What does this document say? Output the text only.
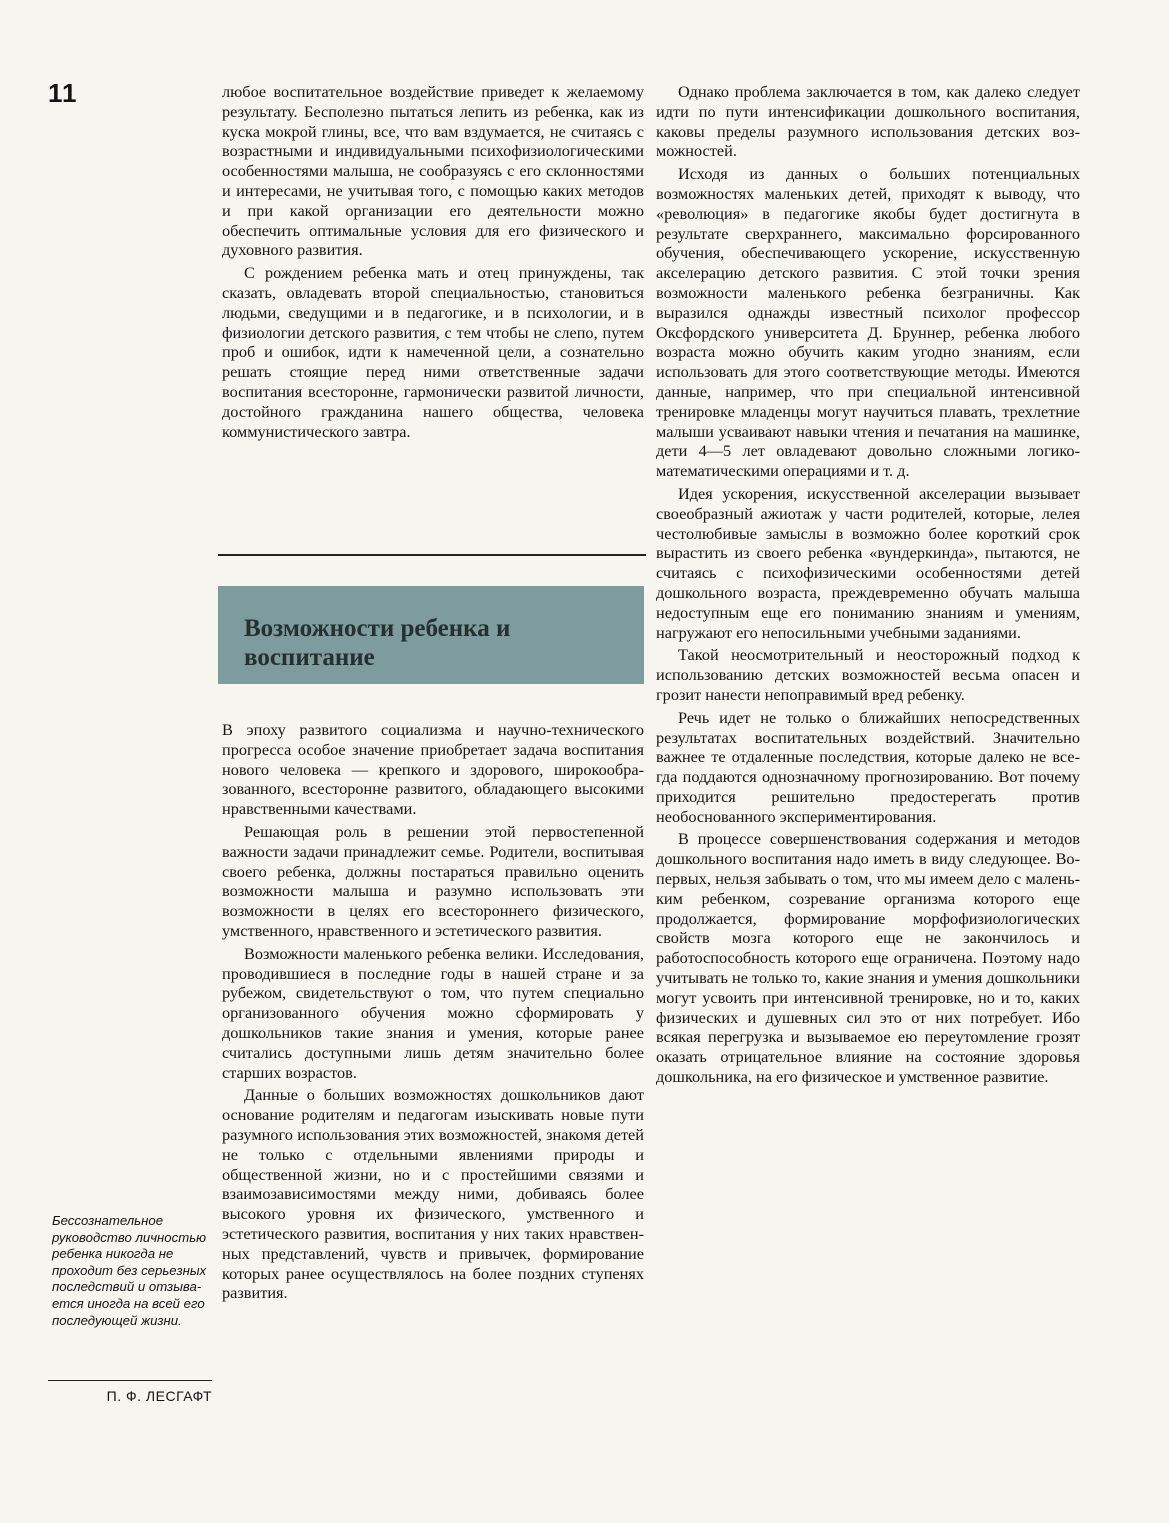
11	любое воспитательное воздействие приведет к желаемому результату. Бесполезно пытаться лепить из ребенка, как из куска мокрой глины, все, что вам вздумается, не считаясь с возрастными и индивидуальными психофизиологическими особенностями малыша, не сообразуясь с его склонностями и интересами, не учитывая того, с помощью каких методов и при какой организации его деятельности можно обеспечить оптимальные условия для его физического и духовного развития.

С рождением ребенка мать и отец принуждены, так сказать, овладевать второй специальностью, становиться людьми, сведущими и в педагогике, и в психологии, и в физиологии детского развития, с тем чтобы не слепо, путем проб и ошибок, идти к намеченной цели, а сознательно решать стоящие перед ними ответственные задачи воспитания всесторонне, гармонически развитой личности, достойного гражданина нашего общества, человека коммунистического завтра.

Возможности ребенка и воспитание

В эпоху развитого социализма и научно-технического прогресса особое значение приобретает задача воспитания нового человека — крепкого и здорового, широкообразованного, всесторонне развитого, обладающего высокими нравственными качествами.

Решающая роль в решении этой первостепенной важности задачи принадлежит семье. Родители, воспитывая своего ребенка, должны постараться правильно оценить возможности малыша и разумно использовать эти возможности в целях его всестороннего физического, умственного, нравственного и эстетического развития.

Возможности маленького ребенка велики. Исследования, проводившиеся в последние годы в нашей стране и за рубежом, свидетельствуют о том, что путем специально организованного обучения можно сформировать у дошкольников такие знания и умения, которые ранее считались доступными лишь детям значительно более старших возрастов.

Данные о больших возможностях дошкольников дают основание родителям и педагогам изыскивать новые пути разумного использования этих возможностей, знакомя детей не только с отдельными явлениями природы и общественной жизни, но и с простейшими связями и взаимозависимостями между ними, добиваясь более высокого уровня их физического, умственного и эстетического развития, воспитания у них таких нравственных представлений, чувств и привычек, формирование которых ранее осуществлялось на более поздних ступенях развития.

Однако проблема заключается в том, как далеко следует идти по пути интенсификации дошкольного воспитания, каковы пределы разумного использования детских возможностей.

Исходя из данных о больших потенциальных возможностях маленьких детей, приходят к выводу, что «революция» в педагогике якобы будет достигнута в результате сверхраннего, максимально форсированного обучения, обеспечивающего ускорение, искусственную акселерацию детского развития. С этой точки зрения возможности маленького ребенка безграничны. Как выразился однажды известный психолог профессор Оксфордского университета Д. Бруннер, ребенка любого возраста можно обучить каким угодно знаниям, если использовать для этого соответствующие методы. Имеются данные, например, что при специальной интенсивной тренировке младенцы могут научиться плавать, трехлетние малыши усваивают навыки чтения и печатания на машинке, дети 4—5 лет овладевают довольно сложными логико-математическими операциями и т. д.

Идея ускорения, искусственной акселерации вызывает своеобразный ажиотаж у части родителей, которые, лелея честолюбивые замыслы в возможно более короткий срок вырастить из своего ребенка «вундеркинда», пытаются, не считаясь с психофизическими особенностями детей дошкольного возраста, преждевременно обучать малыша недоступным еще его пониманию знаниям и умениям, нагружают его непосильными учебными заданиями.

Такой неосмотрительный и неосторожный подход к использованию детских возможностей весьма опасен и грозит нанести непоправимый вред ребенку.

Речь идет не только о ближайших непосредственных результатах воспитательных воздействий. Значительно важнее те отдаленные последствия, которые далеко не всегда поддаются однозначному прогнозированию. Вот почему приходится решительно предостерегать против необоснованного экспериментирования.

В процессе совершенствования содержания и методов дошкольного воспитания надо иметь в виду следующее. Во-первых, нельзя забывать о том, что мы имеем дело с маленьким ребенком, созревание организма которого еще продолжается, формирование морфофизиологических свойств мозга которого еще не закончилось и работоспособность которого еще ограничена. Поэтому надо учитывать не только то, какие знания и умения дошкольники могут усвоить при интенсивной тренировке, но и то, каких физических и душевных сил это от них потребует. Ибо всякая перегрузка и вызываемое ею переутомление грозят оказать отрицательное влияние на состояние здоровья дошкольника, на его физическое и умственное развитие.

Бессознательное руководство личностью ребенка никогда не проходит без серьезных последствий и отзывается иногда на всей его последующей жизни.
П. Ф. ЛЕСГАФТ
